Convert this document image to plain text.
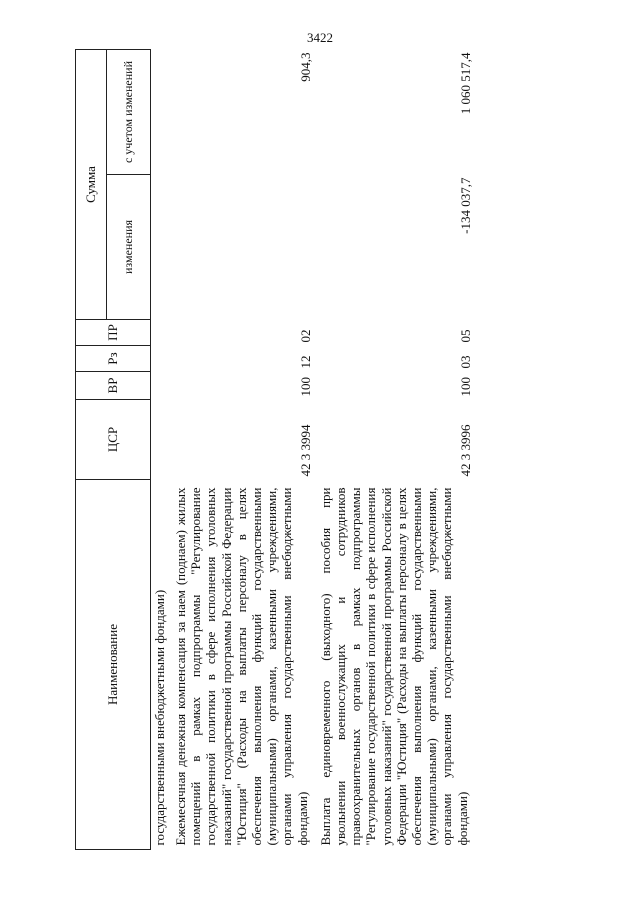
3422
Наименование	ЦСР	ВР	Рз	ПР	Сумма	
					изменения	с учетом изменений
государственными внебюджетными фондами)						
Ежемесячная денежная компенсация за наем (поднаем) жилых помещений в рамках подпрограммы "Регулирование государственной политики в сфере исполнения уголовных наказаний" государственной программы Российской Федерации "Юстиция" (Расходы на выплаты персоналу в целях обеспечения выполнения функций государственными (муниципальными) органами, казенными учреждениями, органами управления государственными внебюджетными фондами)	42 3 3994	100	12	02		904,3
Выплата единовременного (выходного) пособия при увольнении военнослужащих и сотрудников правоохранительных органов в рамках подпрограммы "Регулирование государственной политики в сфере исполнения уголовных наказаний" государственной программы Российской Федерации "Юстиция" (Расходы на выплаты персоналу в целях обеспечения выполнения функций государственными (муниципальными) органами, казенными учреждениями, органами управления государственными внебюджетными фондами)	42 3 3996	100	03	05	-134 037,7	1 060 517,4
